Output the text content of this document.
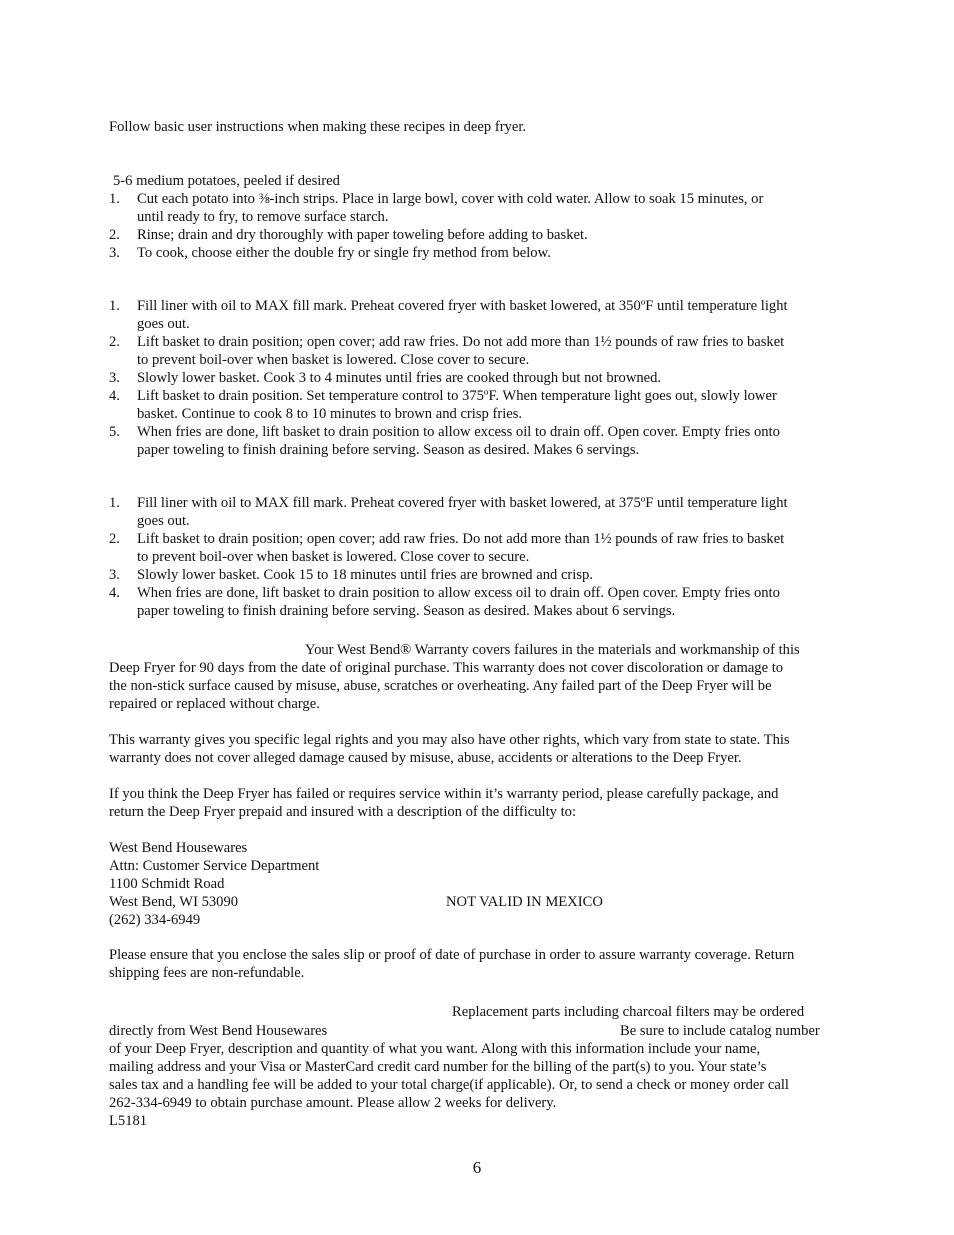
Follow basic user instructions when making these recipes in deep fryer.
5-6 medium potatoes, peeled if desired
1. Cut each potato into ⅜-inch strips. Place in large bowl, cover with cold water. Allow to soak 15 minutes, or
until ready to fry, to remove surface starch.
2. Rinse; drain and dry thoroughly with paper toweling before adding to basket.
3. To cook, choose either the double fry or single fry method from below.
1. Fill liner with oil to MAX fill mark. Preheat covered fryer with basket lowered, at 350ºF until temperature light
goes out.
2. Lift basket to drain position; open cover; add raw fries. Do not add more than 1½ pounds of raw fries to basket
to prevent boil-over when basket is lowered. Close cover to secure.
3. Slowly lower basket. Cook 3 to 4 minutes until fries are cooked through but not browned.
4. Lift basket to drain position. Set temperature control to 375ºF. When temperature light goes out, slowly lower
basket. Continue to cook 8 to 10 minutes to brown and crisp fries.
5. When fries are done, lift basket to drain position to allow excess oil to drain off. Open cover. Empty fries onto
paper toweling to finish draining before serving. Season as desired. Makes 6 servings.
1. Fill liner with oil to MAX fill mark. Preheat covered fryer with basket lowered, at 375ºF until temperature light
goes out.
2. Lift basket to drain position; open cover; add raw fries. Do not add more than 1½ pounds of raw fries to basket
to prevent boil-over when basket is lowered. Close cover to secure.
3. Slowly lower basket. Cook 15 to 18 minutes until fries are browned and crisp.
4. When fries are done, lift basket to drain position to allow excess oil to drain off. Open cover. Empty fries onto
paper toweling to finish draining before serving. Season as desired. Makes about 6 servings.
Your West Bend® Warranty covers failures in the materials and workmanship of this
Deep Fryer for 90 days from the date of original purchase. This warranty does not cover discoloration or damage to
the non-stick surface caused by misuse, abuse, scratches or overheating. Any failed part of the Deep Fryer will be
repaired or replaced without charge.
This warranty gives you specific legal rights and you may also have other rights, which vary from state to state. This
warranty does not cover alleged damage caused by misuse, abuse, accidents or alterations to the Deep Fryer.
If you think the Deep Fryer has failed or requires service within it’s warranty period, please carefully package, and
return the Deep Fryer prepaid and insured with a description of the difficulty to:
West Bend Housewares
Attn: Customer Service Department
1100 Schmidt Road
West Bend, WI 53090	NOT VALID IN MEXICO
(262) 334-6949
Please ensure that you enclose the sales slip or proof of date of purchase in order to assure warranty coverage. Return
shipping fees are non-refundable.
Replacement parts including charcoal filters may be ordered
directly from West Bend Housewares	Be sure to include catalog number
of your Deep Fryer, description and quantity of what you want. Along with this information include your name,
mailing address and your Visa or MasterCard credit card number for the billing of the part(s) to you. Your state’s
sales tax and a handling fee will be added to your total charge(if applicable). Or, to send a check or money order call
262-334-6949 to obtain purchase amount. Please allow 2 weeks for delivery.
L5181
6
